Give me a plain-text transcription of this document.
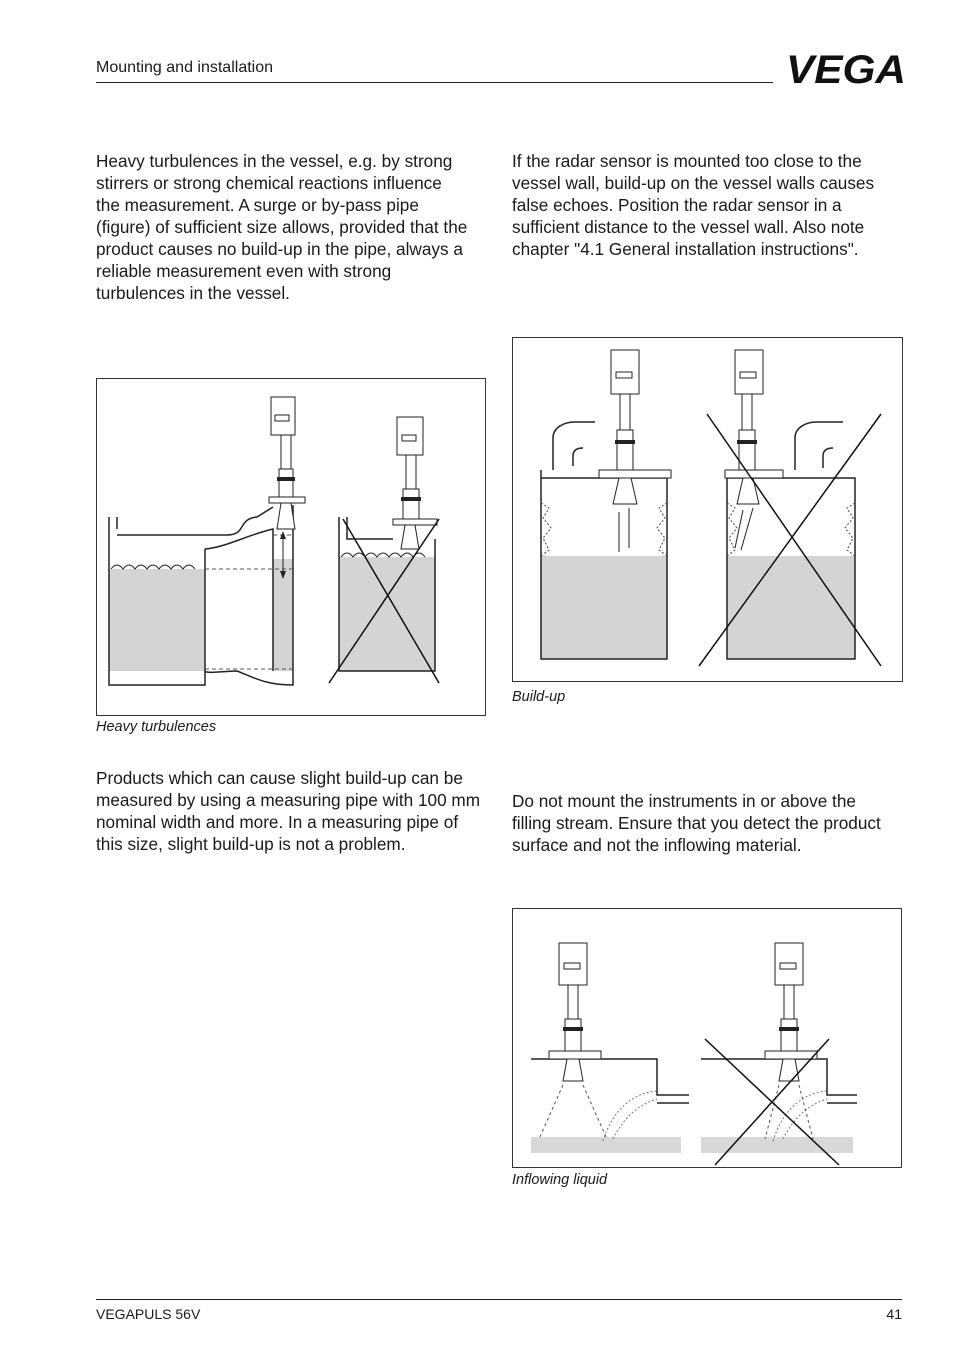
Mounting and installation	VEGA

Heavy turbulences in the vessel, e.g. by strong stirrers or strong chemical reactions influence the measurement. A surge or by-pass pipe (figure) of sufficient size allows, provided that the product causes no build-up in the pipe, always a reliable measurement even with strong turbulences in the vessel.

If the radar sensor is mounted too close to the vessel wall, build-up on the vessel walls causes false echoes. Position the radar sensor in a sufficient distance to the vessel wall. Also note chapter "4.1 General installation instructions".

Heavy turbulences
Build-up

Products which can cause slight build-up can be measured by using a measuring pipe with 100 mm nominal width and more. In a measuring pipe of this size, slight build-up is not a problem.

Do not mount the instruments in or above the filling stream. Ensure that you detect the product surface and not the inflowing material.

Inflowing liquid
VEGAPULS 56V	41
